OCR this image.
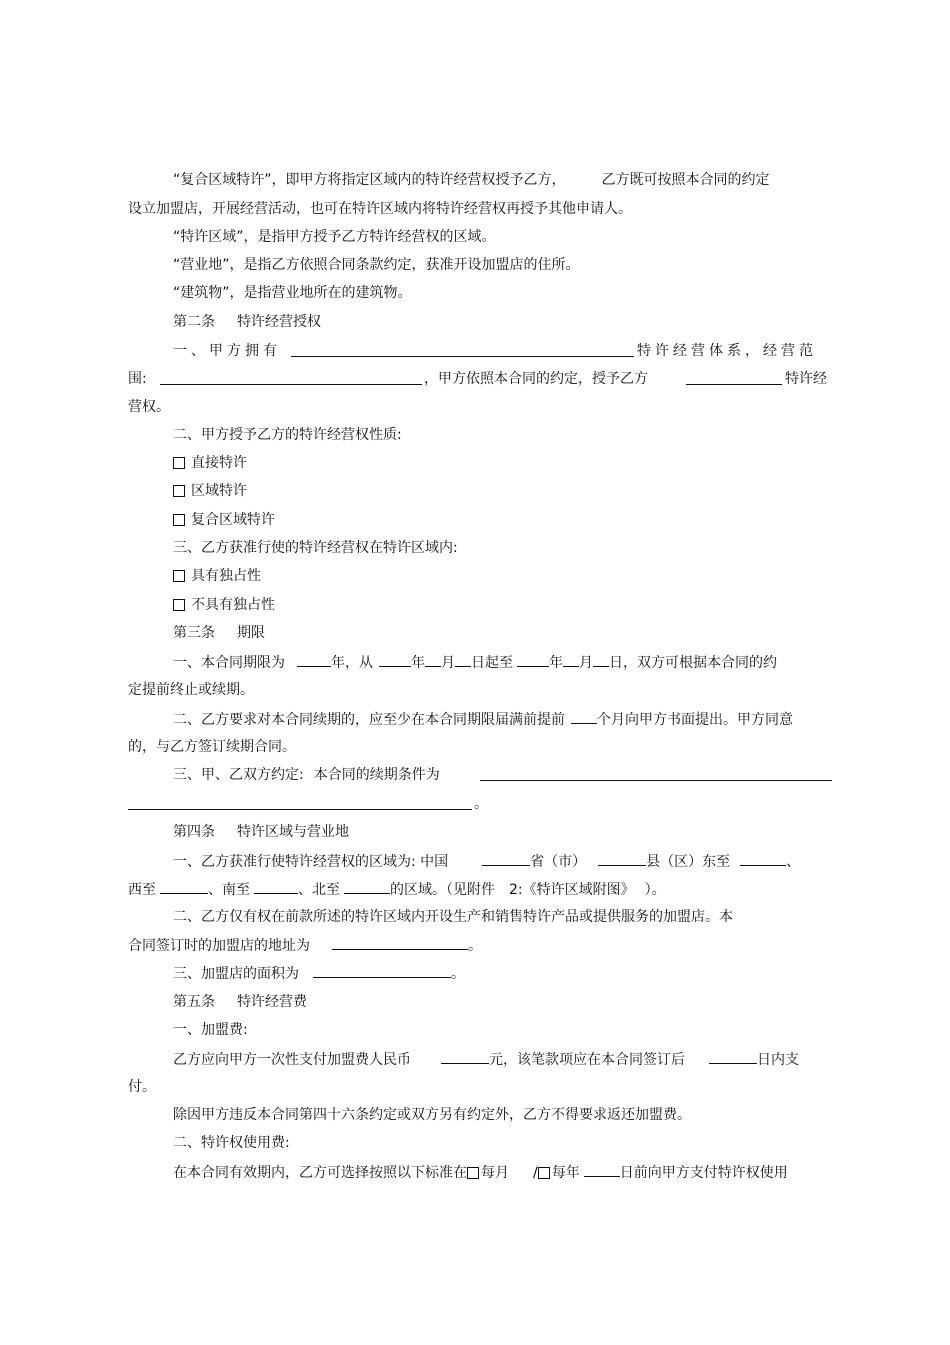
“复合区域特许”，即甲方将指定区域内的特许经营权授予乙方，	乙方既可按照本合同的约定
设立加盟店，开展经营活动，也可在特许区域内将特许经营权再授予其他申请人。
“特许区域”，是指甲方授予乙方特许经营权的区域。
“营业地”，是指乙方依照合同条款约定，获准开设加盟店的住所。
“建筑物”，是指营业地所在的建筑物。
第二条 特许经营授权
一、甲方拥有	特许经营体系，经营范
围:	，甲方依照本合同的约定，授予乙方	特许经
营权。
二、甲方授予乙方的特许经营权性质:
直接特许
区域特许
复合区域特许
三、乙方获准行使的特许经营权在特许区域内:
具有独占性
不具有独占性
第三条 期限
一、本合同期限为	年，从	年 月 日起至	年 月 日，双方可根据本合同的约
定提前终止或续期。
二、乙方要求对本合同续期的，应至少在本合同期限届满前提前 个月向甲方书面提出。甲方同意
的，与乙方签订续期合同。
三、甲、乙双方约定: 本合同的续期条件为
。
第四条 特许区域与营业地
一、乙方获准行使特许经营权的区域为: 中国	省（市）	县（区）东至	、
西至	、南至	、北至	的区域。（见附件 2:《特许区域附图》 ）。
二、乙方仅有权在前款所述的特许区域内开设生产和销售特许产品或提供服务的加盟店。本
合同签订时的加盟店的地址为	。
三、加盟店的面积为	。
第五条 特许经营费
一、加盟费:
乙方应向甲方一次性支付加盟费人民币	元，该笔款项应在本合同签订后	日内支
付。
除因甲方违反本合同第四十六条约定或双方另有约定外，乙方不得要求返还加盟费。
二、特许权使用费:
在本合同有效期内，乙方可选择按照以下标准在 每月 / 每年	日前向甲方支付特许权使用
